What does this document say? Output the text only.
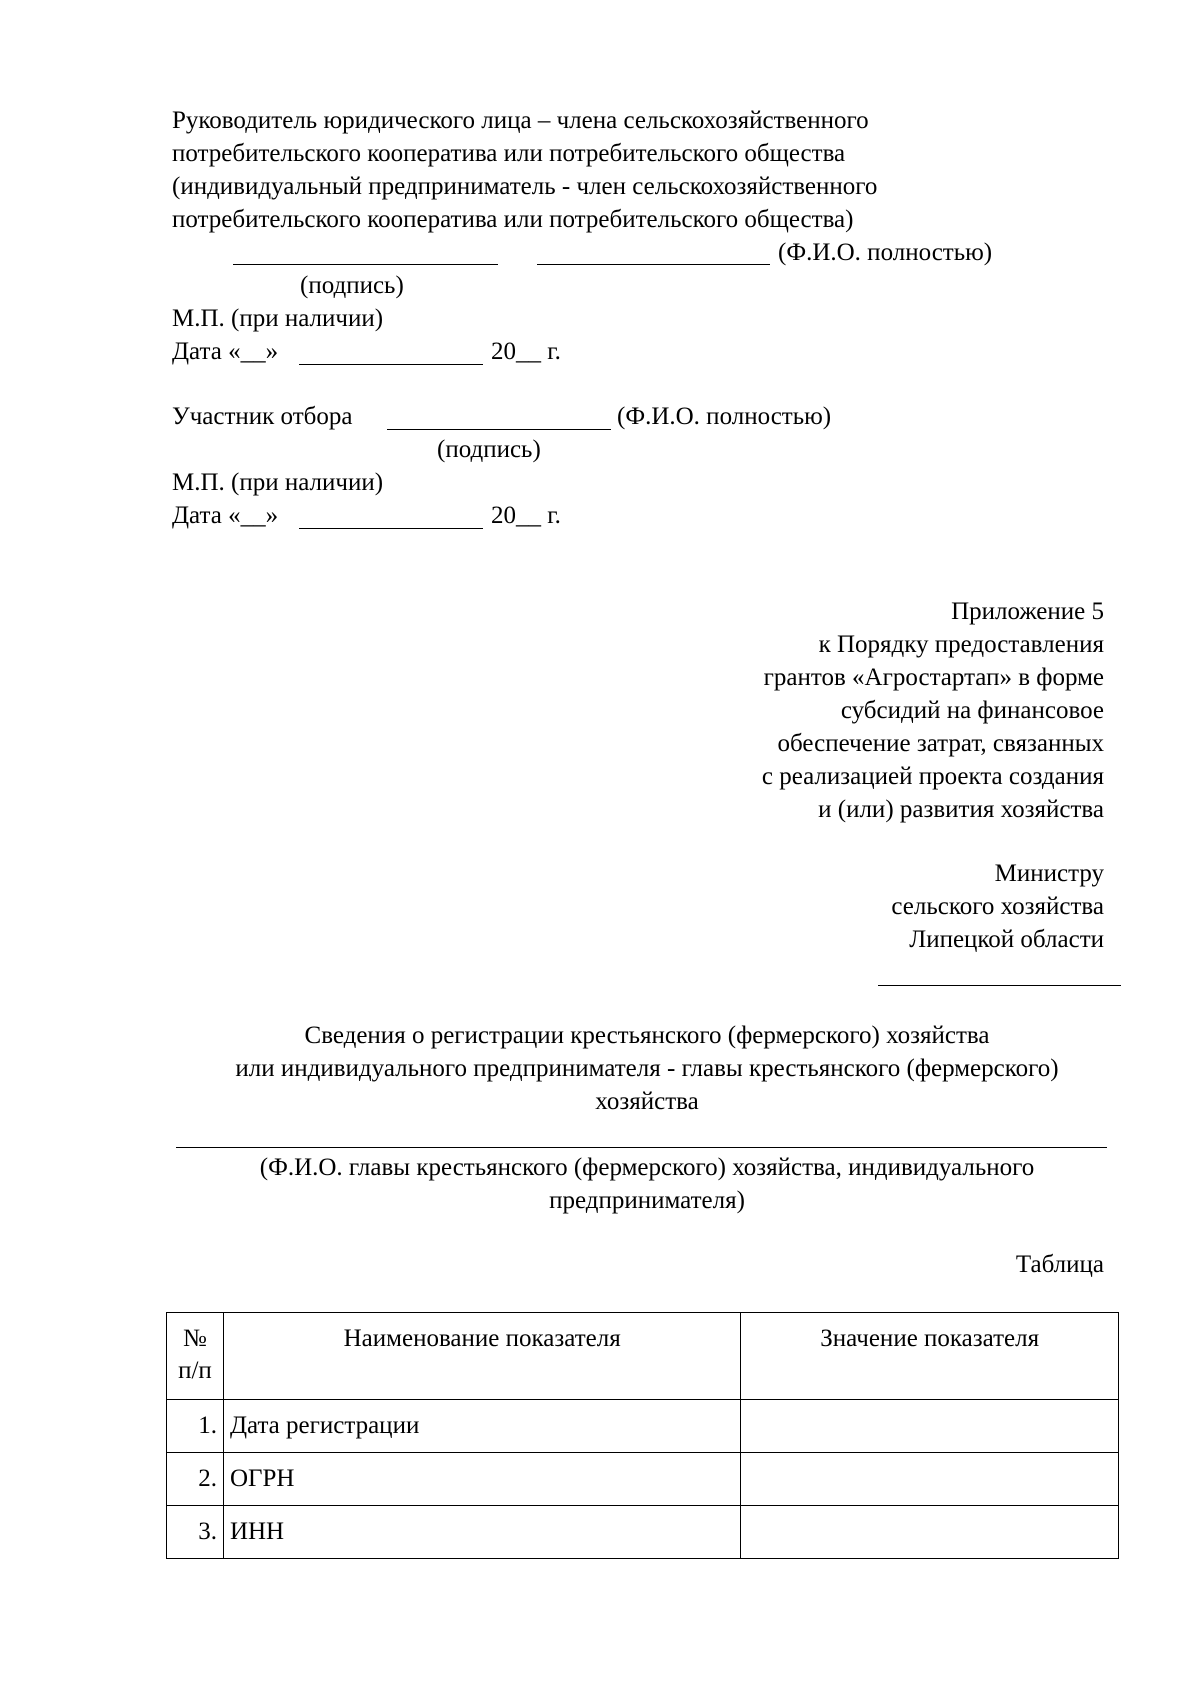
Руководитель юридического лица – члена сельскохозяйственного
потребительского кооператива или потребительского общества
(индивидуальный предприниматель - член сельскохозяйственного
потребительского кооператива или потребительского общества)
(Ф.И.О. полностью)
(подпись)
М.П. (при наличии)
Дата «__»	20__ г.
Участник отбора	(Ф.И.О. полностью)
(подпись)
М.П. (при наличии)
Дата «__»	20__ г.
Приложение 5
к Порядку предоставления
грантов «Агростартап» в форме
субсидий на финансовое
обеспечение затрат, связанных
с реализацией проекта создания
и (или) развития хозяйства
Министру
сельского хозяйства
Липецкой области
Сведения о регистрации крестьянского (фермерского) хозяйства
или индивидуального предпринимателя - главы крестьянского (фермерского)
хозяйства
(Ф.И.О. главы крестьянского (фермерского) хозяйства, индивидуального
предпринимателя)
Таблица
№
п/п	Наименование показателя	Значение показателя
1.	Дата регистрации	
2.	ОГРН	
3.	ИНН	
